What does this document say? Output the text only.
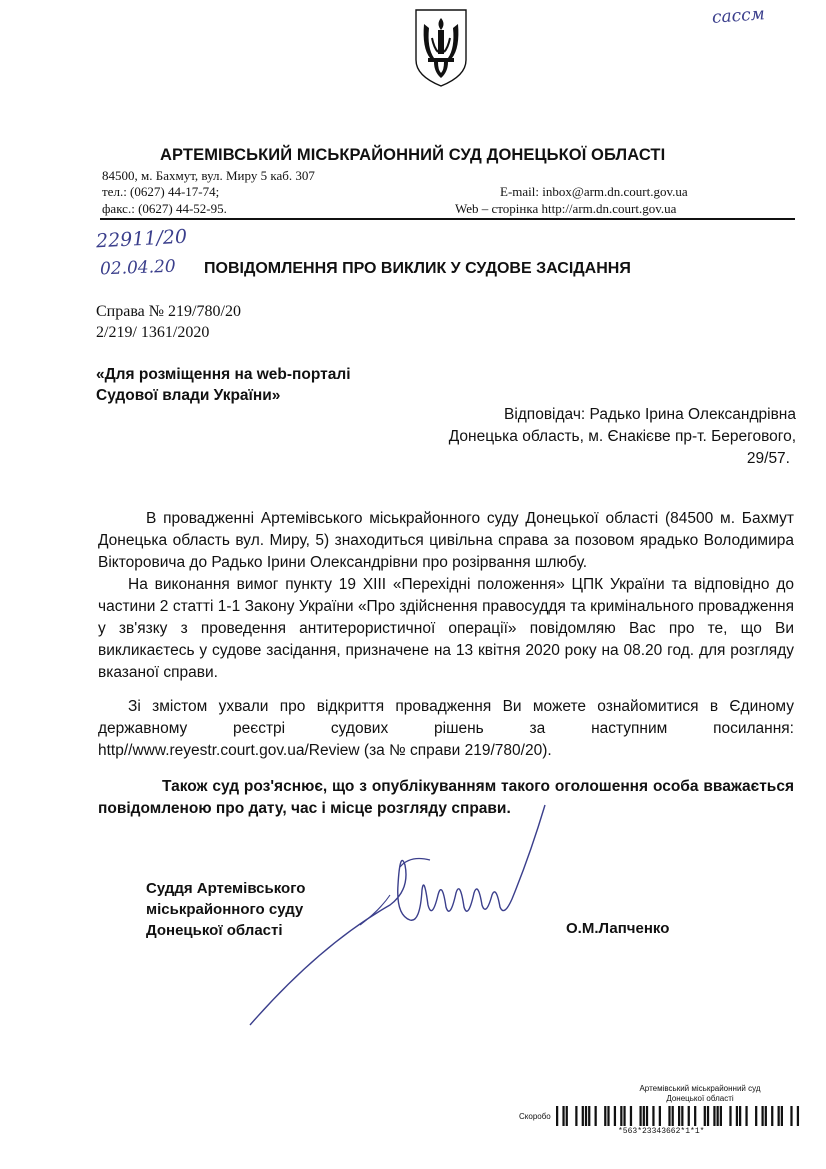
сассм
АРТЕМІВСЬКИЙ МІСЬКРАЙОННИЙ СУД ДОНЕЦЬКОЇ ОБЛАСТІ
84500, м. Бахмут, вул. Миру 5 каб. 307
тел.: (0627) 44-17-74;
факс.: (0627) 44-52-95.
E-mail: inbox@arm.dn.court.gov.ua
Web – сторінка http://arm.dn.court.gov.ua
22911/20
02.04.20 ПОВІДОМЛЕННЯ ПРО ВИКЛИК У СУДОВЕ ЗАСІДАННЯ
Справа № 219/780/20
2/219/ 1361/2020
«Для розміщення на web-порталі
Судової влади України»
Відповідач: Радько Ірина Олександрівна
Донецька область, м. Єнакієве пр-т. Берегового,
29/57.
В провадженні Артемівського міськрайонного суду Донецької області (84500 м. Бахмут Донецька область вул. Миру, 5) знаходиться цивільна справа за позовом ярадько Володимира Вікторовича до Радько Ірини Олександрівни про розірвання шлюбу.
На виконання вимог пункту 19 XIII «Перехідні положення» ЦПК України та відповідно до частини 2 статті 1-1 Закону України «Про здійснення правосуддя та кримінального провадження у зв'язку з проведення антитерористичної операції» повідомляю Вас про те, що Ви викликаєтесь у судове засідання, призначене на 13 квітня 2020 року на 08.20 год. для розгляду вказаної справи.
Зі змістом ухвали про відкриття провадження Ви можете ознайомитися в Єдиному державному реєстрі судових рішень за наступним посилання: http//www.reyestr.court.gov.ua/Review (за № справи 219/780/20).
Також суд роз'яснює, що з опублікуванням такого оголошення особа вважається повідомленою про дату, час і місце розгляду справи.
Суддя Артемівського
міськрайонного суду
Донецької області	О.М.Лапченко
Артемівський міськрайонний суд
Донецької області
Скоробо
*563*23343662*1*1*
